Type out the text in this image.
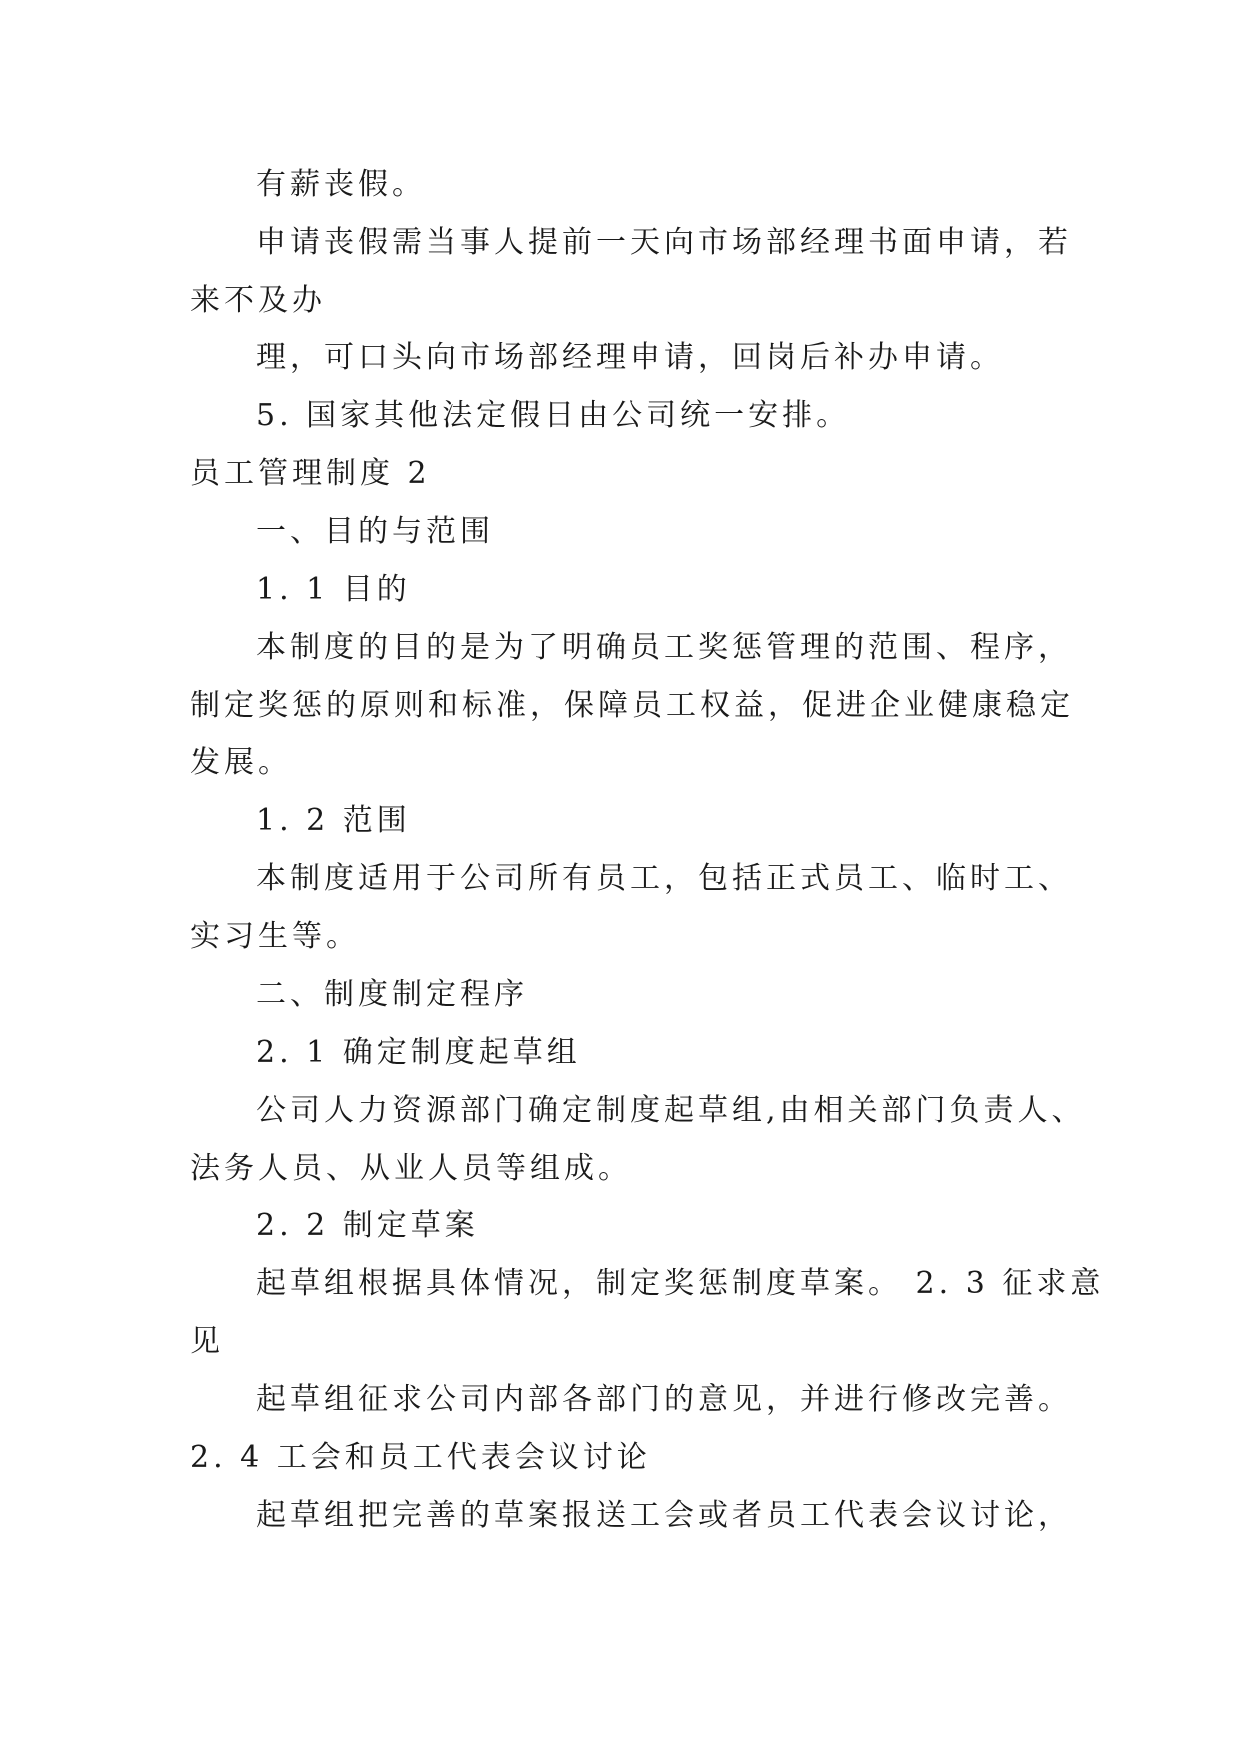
有薪丧假。
申请丧假需当事人提前一天向市场部经理书面申请，若
来不及办
理，可口头向市场部经理申请，回岗后补办申请。
5. 国家其他法定假日由公司统一安排。
员工管理制度 2
一、目的与范围
1. 1 目的
本制度的目的是为了明确员工奖惩管理的范围、程序，
制定奖惩的原则和标准，保障员工权益，促进企业健康稳定
发展。
1. 2 范围
本制度适用于公司所有员工，包括正式员工、临时工、
实习生等。
二、制度制定程序
2. 1 确定制度起草组
公司人力资源部门确定制度起草组,由相关部门负责人、
法务人员、从业人员等组成。
2. 2 制定草案
起草组根据具体情况，制定奖惩制度草案。 2. 3 征求意
见
起草组征求公司内部各部门的意见，并进行修改完善。
2. 4 工会和员工代表会议讨论
起草组把完善的草案报送工会或者员工代表会议讨论，
